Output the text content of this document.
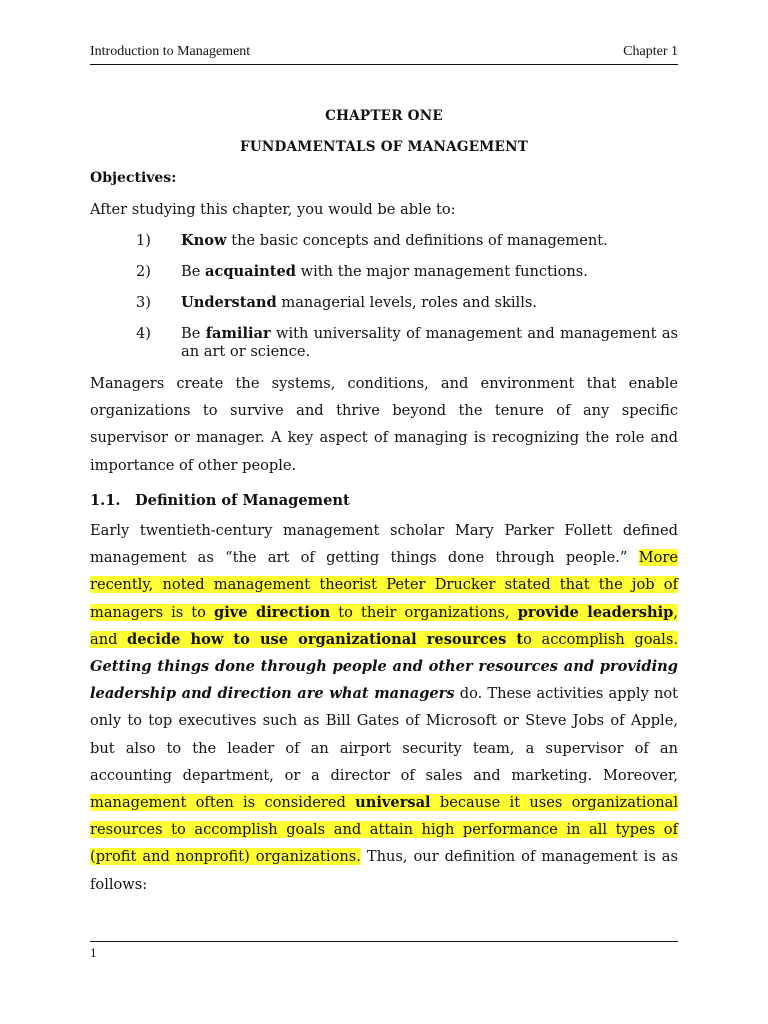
Introduction to Management	Chapter 1
CHAPTER ONE
FUNDAMENTALS OF MANAGEMENT
Objectives:
After studying this chapter, you would be able to:
1)	Know the basic concepts and definitions of management.
2)	Be acquainted with the major management functions.
3)	Understand managerial levels, roles and skills.
4)	Be familiar with universality of management and management as an art or science.
Managers create the systems, conditions, and environment that enable organizations to survive and thrive beyond the tenure of any specific supervisor or manager. A key aspect of managing is recognizing the role and importance of other people.
1.1. Definition of Management
Early twentieth-century management scholar Mary Parker Follett defined management as “the art of getting things done through people.” More recently, noted management theorist Peter Drucker stated that the job of managers is to give direction to their organizations, provide leadership, and decide how to use organizational resources to accomplish goals. Getting things done through people and other resources and providing leadership and direction are what managers do. These activities apply not only to top executives such as Bill Gates of Microsoft or Steve Jobs of Apple, but also to the leader of an airport security team, a supervisor of an accounting department, or a director of sales and marketing. Moreover, management often is considered universal because it uses organizational resources to accomplish goals and attain high performance in all types of (profit and nonprofit) organizations. Thus, our definition of management is as follows:
1
